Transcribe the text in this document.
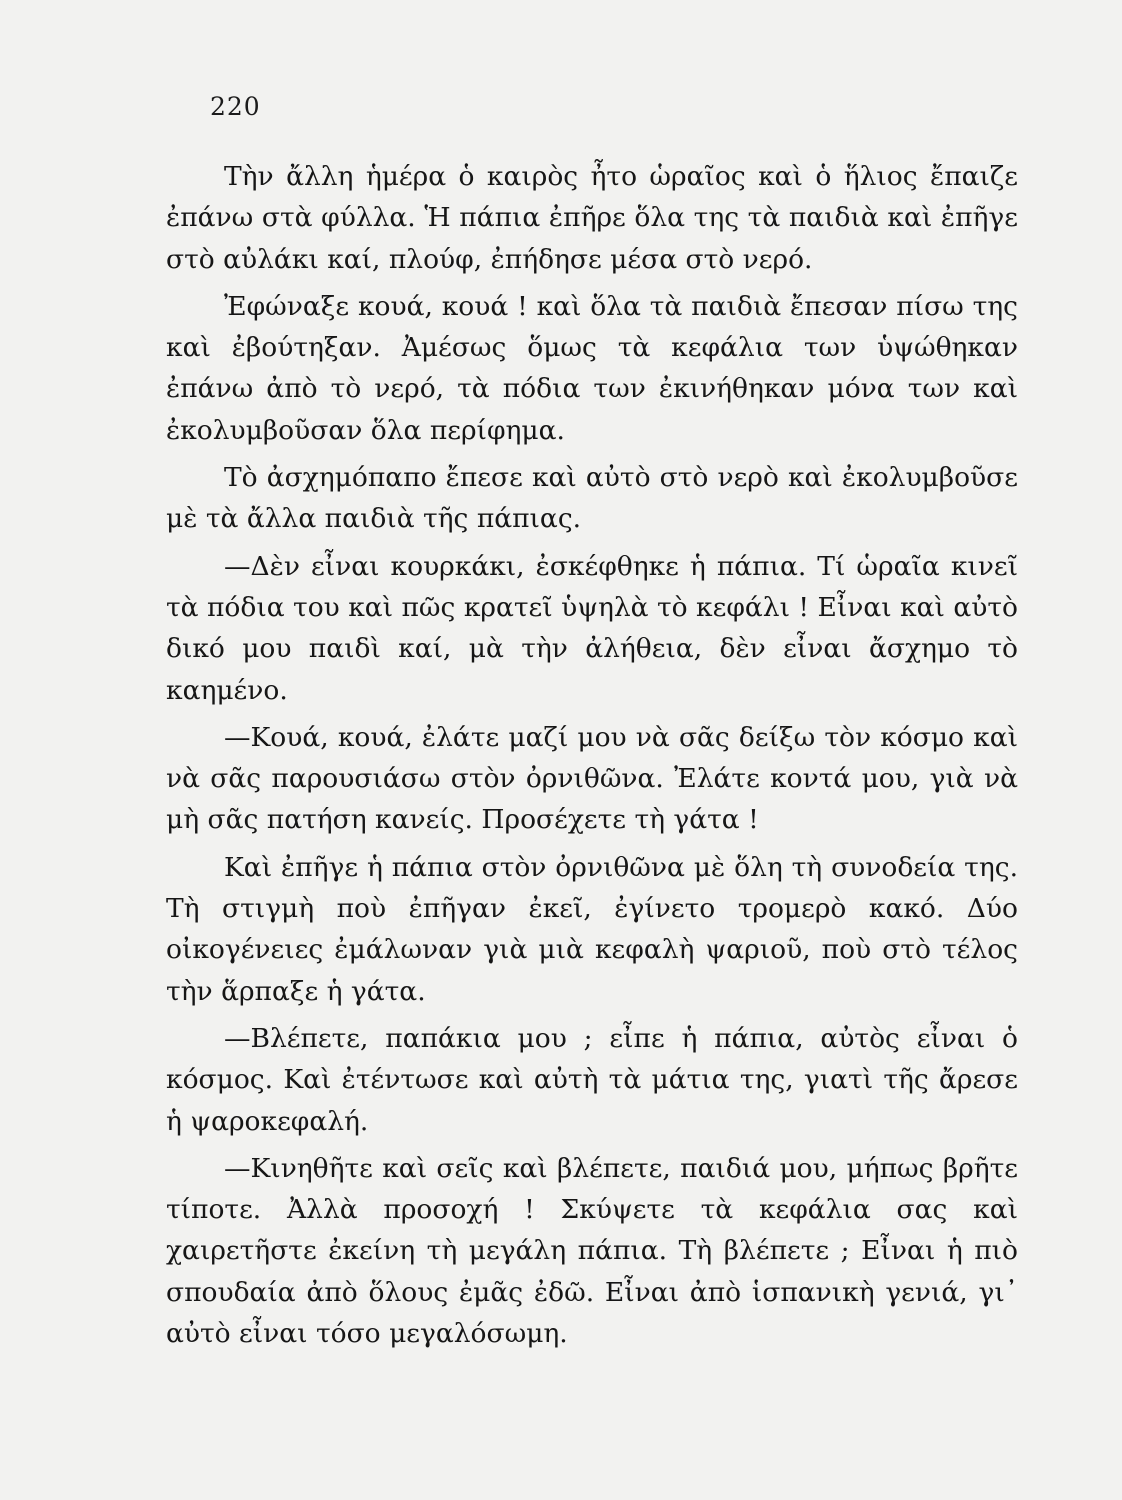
220

Τὴν ἄλλη ἡμέρα ὁ καιρὸς ἦτο ὡραῖος καὶ ὁ ἥλιος ἔπαιζε ἐπάνω στὰ φύλλα. Ἡ πάπια ἐπῆρε ὅλα της τὰ παιδιὰ καὶ ἐπῆγε στὸ αὐλάκι καί, πλούφ, ἐπήδησε μέσα στὸ νερό.

Ἐφώναξε κουά, κουά ! καὶ ὅλα τὰ παιδιὰ ἔπεσαν πίσω της καὶ ἐβούτηξαν. Ἀμέσως ὅμως τὰ κεφάλια των ὑψώθηκαν ἐπάνω ἀπὸ τὸ νερό, τὰ πόδια των ἐκινήθηκαν μόνα των καὶ ἐκολυμβοῦσαν ὅλα περίφημα.

Τὸ ἀσχημόπαπο ἔπεσε καὶ αὐτὸ στὸ νερὸ καὶ ἐκολυμβοῦσε μὲ τὰ ἄλλα παιδιὰ τῆς πάπιας.

—Δὲν εἶναι κουρκάκι, ἐσκέφθηκε ἡ πάπια. Τί ὡραῖα κινεῖ τὰ πόδια του καὶ πῶς κρατεῖ ὑψηλὰ τὸ κεφάλι ! Εἶναι καὶ αὐτὸ δικό μου παιδὶ καί, μὰ τὴν ἀλήθεια, δὲν εἶναι ἄσχημο τὸ καημένο.

—Κουά, κουά, ἐλάτε μαζί μου νὰ σᾶς δείξω τὸν κόσμο καὶ νὰ σᾶς παρουσιάσω στὸν ὀρνιθῶνα. Ἐλάτε κοντά μου, γιὰ νὰ μὴ σᾶς πατήση κανείς. Προσέχετε τὴ γάτα !

Καὶ ἐπῆγε ἡ πάπια στὸν ὀρνιθῶνα μὲ ὅλη τὴ συνοδεία της. Τὴ στιγμὴ ποὺ ἐπῆγαν ἐκεῖ, ἐγίνετο τρομερὸ κακό. Δύο οἰκογένειες ἐμάλωναν γιὰ μιὰ κεφαλὴ ψαριοῦ, ποὺ στὸ τέλος τὴν ἅρπαξε ἡ γάτα.

—Βλέπετε, παπάκια μου ; εἶπε ἡ πάπια, αὐτὸς εἶναι ὁ κόσμος. Καὶ ἐτέντωσε καὶ αὐτὴ τὰ μάτια της, γιατὶ τῆς ἄρεσε ἡ ψαροκεφαλή.

—Κινηθῆτε καὶ σεῖς καὶ βλέπετε, παιδιά μου, μήπως βρῆτε τίποτε. Ἀλλὰ προσοχή ! Σκύψετε τὰ κεφάλια σας καὶ χαιρετῆστε ἐκείνη τὴ μεγάλη πάπια. Τὴ βλέπετε ; Εἶναι ἡ πιὸ σπουδαία ἀπὸ ὅλους ἐμᾶς ἐδῶ. Εἶναι ἀπὸ ἱσπανικὴ γενιά, γι᾽ αὐτὸ εἶναι τόσο μεγαλόσωμη.
